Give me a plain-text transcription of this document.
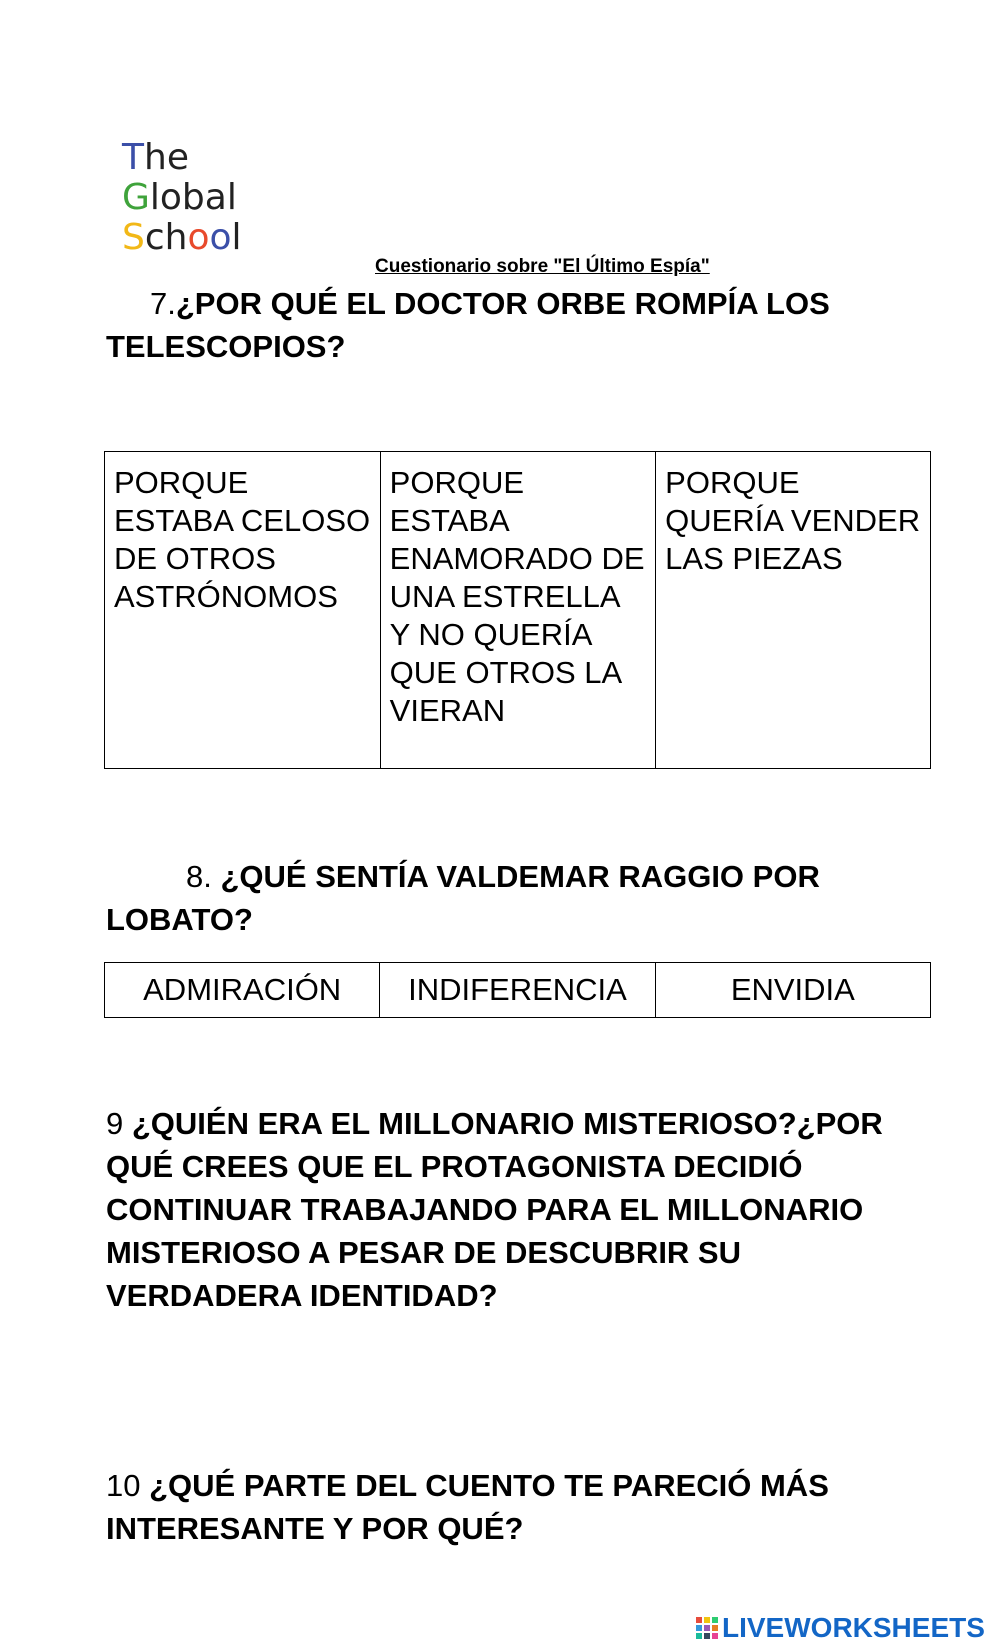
The
Global
School
Cuestionario sobre "El Último Espía"
7.¿POR QUÉ EL DOCTOR ORBE ROMPÍA LOS TELESCOPIOS?
PORQUE ESTABA CELOSO DE OTROS ASTRÓNOMOS	PORQUE ESTABA ENAMORADO DE UNA ESTRELLA Y NO QUERÍA QUE OTROS LA VIERAN	PORQUE QUERÍA VENDER LAS PIEZAS
8. ¿QUÉ SENTÍA VALDEMAR RAGGIO POR LOBATO?
ADMIRACIÓN	INDIFERENCIA	ENVIDIA
9 ¿QUIÉN ERA EL MILLONARIO MISTERIOSO?¿POR QUÉ CREES QUE EL PROTAGONISTA DECIDIÓ CONTINUAR TRABAJANDO PARA EL MILLONARIO MISTERIOSO A PESAR DE DESCUBRIR SU VERDADERA IDENTIDAD?
10 ¿QUÉ PARTE DEL CUENTO TE PARECIÓ MÁS INTERESANTE Y POR QUÉ?
LIVEWORKSHEETS
